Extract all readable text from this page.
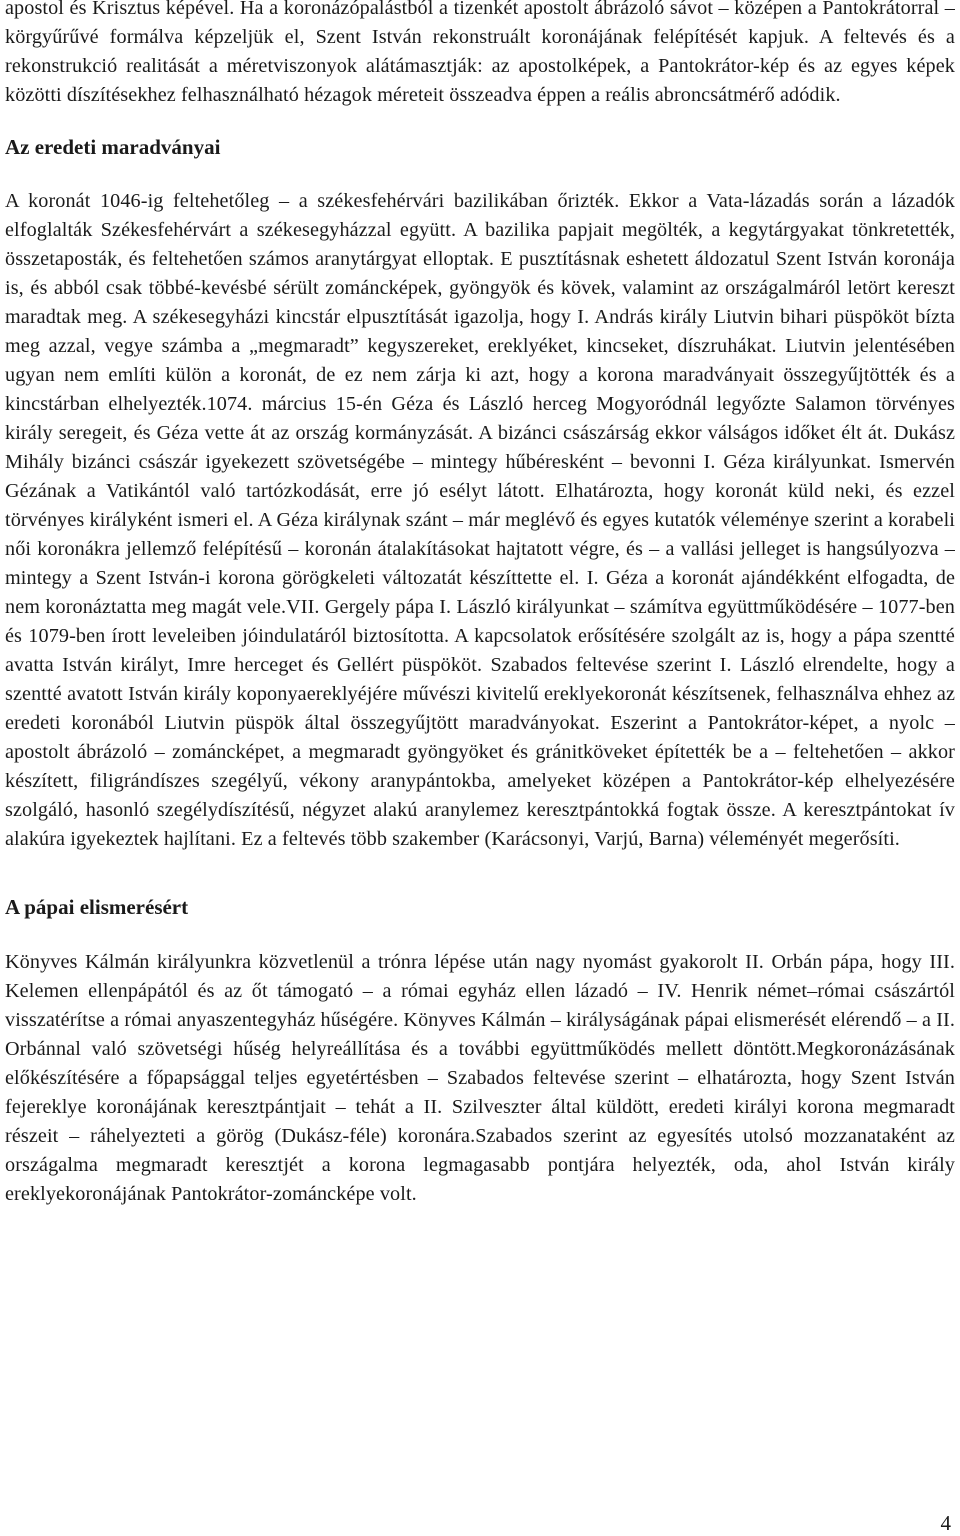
apostol és Krisztus képével. Ha a koronázópalástból a tizenkét apostolt ábrázoló sávot – középen a Pantokrátorral – körgyűrűvé formálva képzeljük el, Szent István rekonstruált koronájának felépítését kapjuk. A feltevés és a rekonstrukció realitását a méretviszonyok alátámasztják: az apostolképek, a Pantokrátor-kép és az egyes képek közötti díszítésekhez felhasználható hézagok méreteit összeadva éppen a reális abroncsátmérő adódik.

Az eredeti maradványai

A koronát 1046-ig feltehetőleg – a székesfehérvári bazilikában őrizték. Ekkor a Vata-lázadás során a lázadók elfoglalták Székesfehérvárt a székesegyházzal együtt. A bazilika papjait megölték, a kegytárgyakat tönkretették, összetaposták, és feltehetően számos aranytárgyat elloptak. E pusztításnak eshetett áldozatul Szent István koronája is, és abból csak többé-kevésbé sérült zománcképek, gyöngyök és kövek, valamint az országalmáról letört kereszt maradtak meg. A székesegyházi kincstár elpusztítását igazolja, hogy I. András király Liutvin bihari püspököt bízta meg azzal, vegye számba a „megmaradt” kegyszereket, ereklyéket, kincseket, díszruhákat. Liutvin jelentésében ugyan nem említi külön a koronát, de ez nem zárja ki azt, hogy a korona maradványait összegyűjtötték és a kincstárban elhelyezték.1074. március 15-én Géza és László herceg Mogyoródnál legyőzte Salamon törvényes király seregeit, és Géza vette át az ország kormányzását. A bizánci császárság ekkor válságos időket élt át. Dukász Mihály bizánci császár igyekezett szövetségébe – mintegy hűbéresként – bevonni I. Géza királyunkat. Ismervén Gézának a Vatikántól való tartózkodását, erre jó esélyt látott. Elhatározta, hogy koronát küld neki, és ezzel törvényes királyként ismeri el. A Géza királynak szánt – már meglévő és egyes kutatók véleménye szerint a korabeli női koronákra jellemző felépítésű – koronán átalakításokat hajtatott végre, és – a vallási jelleget is hangsúlyozva – mintegy a Szent István-i korona görögkeleti változatát készíttette el. I. Géza a koronát ajándékként elfogadta, de nem koronáztatta meg magát vele.VII. Gergely pápa I. László királyunkat – számítva együttműködésére – 1077-ben és 1079-ben írott leveleiben jóindulatáról biztosította. A kapcsolatok erősítésére szolgált az is, hogy a pápa szentté avatta István királyt, Imre herceget és Gellért püspököt. Szabados feltevése szerint I. László elrendelte, hogy a szentté avatott István király koponyaereklyéjére művészi kivitelű ereklyekoronát készítsenek, felhasználva ehhez az eredeti koronából Liutvin püspök által összegyűjtött maradványokat. Eszerint a Pantokrátor-képet, a nyolc – apostolt ábrázoló – zománcképet, a megmaradt gyöngyöket és gránitköveket építették be a – feltehetően – akkor készített, filigrándíszes szegélyű, vékony aranypántokba, amelyeket középen a Pantokrátor-kép elhelyezésére szolgáló, hasonló szegélydíszítésű, négyzet alakú aranylemez keresztpántokká fogtak össze. A keresztpántokat ív alakúra igyekeztek hajlítani. Ez a feltevés több szakember (Karácsonyi, Varjú, Barna) véleményét megerősíti.

A pápai elismerésért

Könyves Kálmán királyunkra közvetlenül a trónra lépése után nagy nyomást gyakorolt II. Orbán pápa, hogy III. Kelemen ellenpápától és az őt támogató – a római egyház ellen lázadó – IV. Henrik német–római császártól visszatérítse a római anyaszentegyház hűségére. Könyves Kálmán – királyságának pápai elismerését elérendő – a II. Orbánnal való szövetségi hűség helyreállítása és a további együttműködés mellett döntött.Megkoronázásának előkészítésére a főpapsággal teljes egyetértésben – Szabados feltevése szerint – elhatározta, hogy Szent István fejereklye koronájának keresztpántjait – tehát a II. Szilveszter által küldött, eredeti királyi korona megmaradt részeit – ráhelyezteti a görög (Dukász-féle) koronára.Szabados szerint az egyesítés utolsó mozzanataként az országalma megmaradt keresztjét a korona legmagasabb pontjára helyezték, oda, ahol István király ereklyekoronájának Pantokrátor-zománcképe volt.

4
